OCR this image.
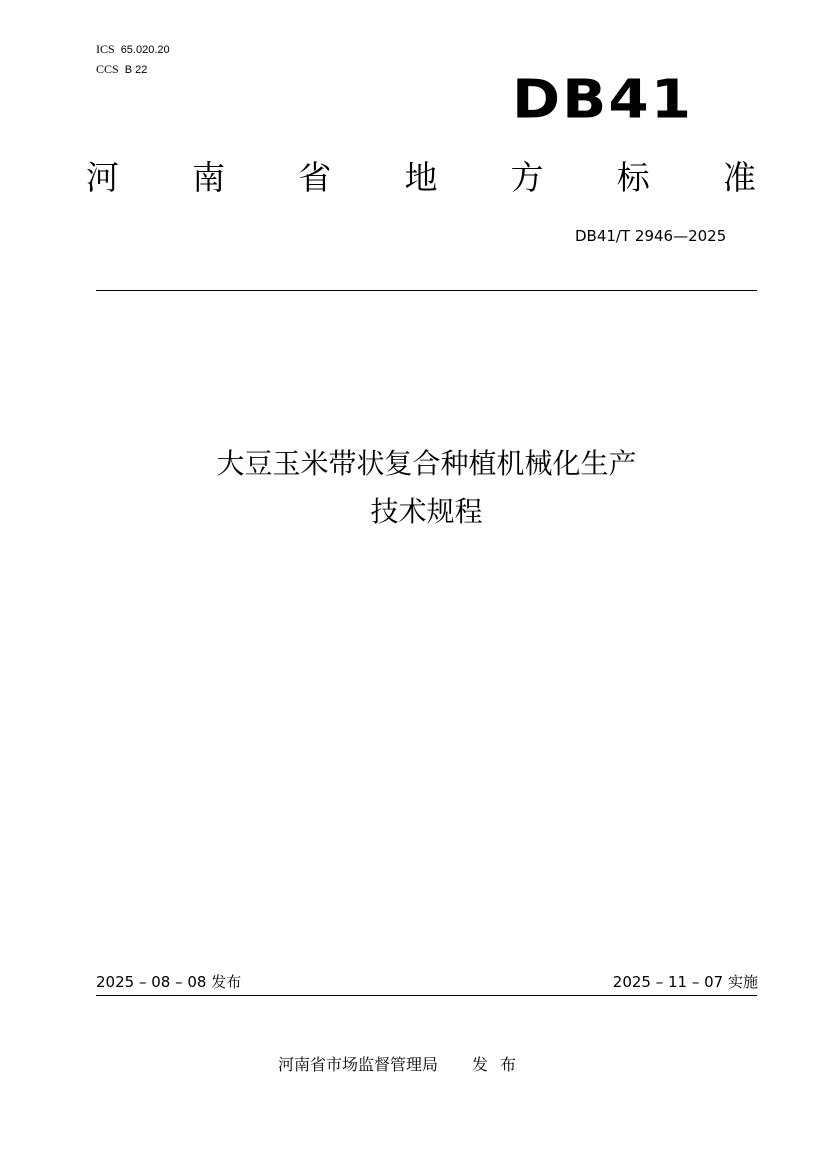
ICS 65.020.20
CCS B 22	DB41
河 南 省 地 方 标 准
DB41/T 2946—2025
大豆玉米带状复合种植机械化生产
技术规程
2025 – 08 – 08 发布	2025 – 11 – 07 实施
河南省市场监督管理局 发布
